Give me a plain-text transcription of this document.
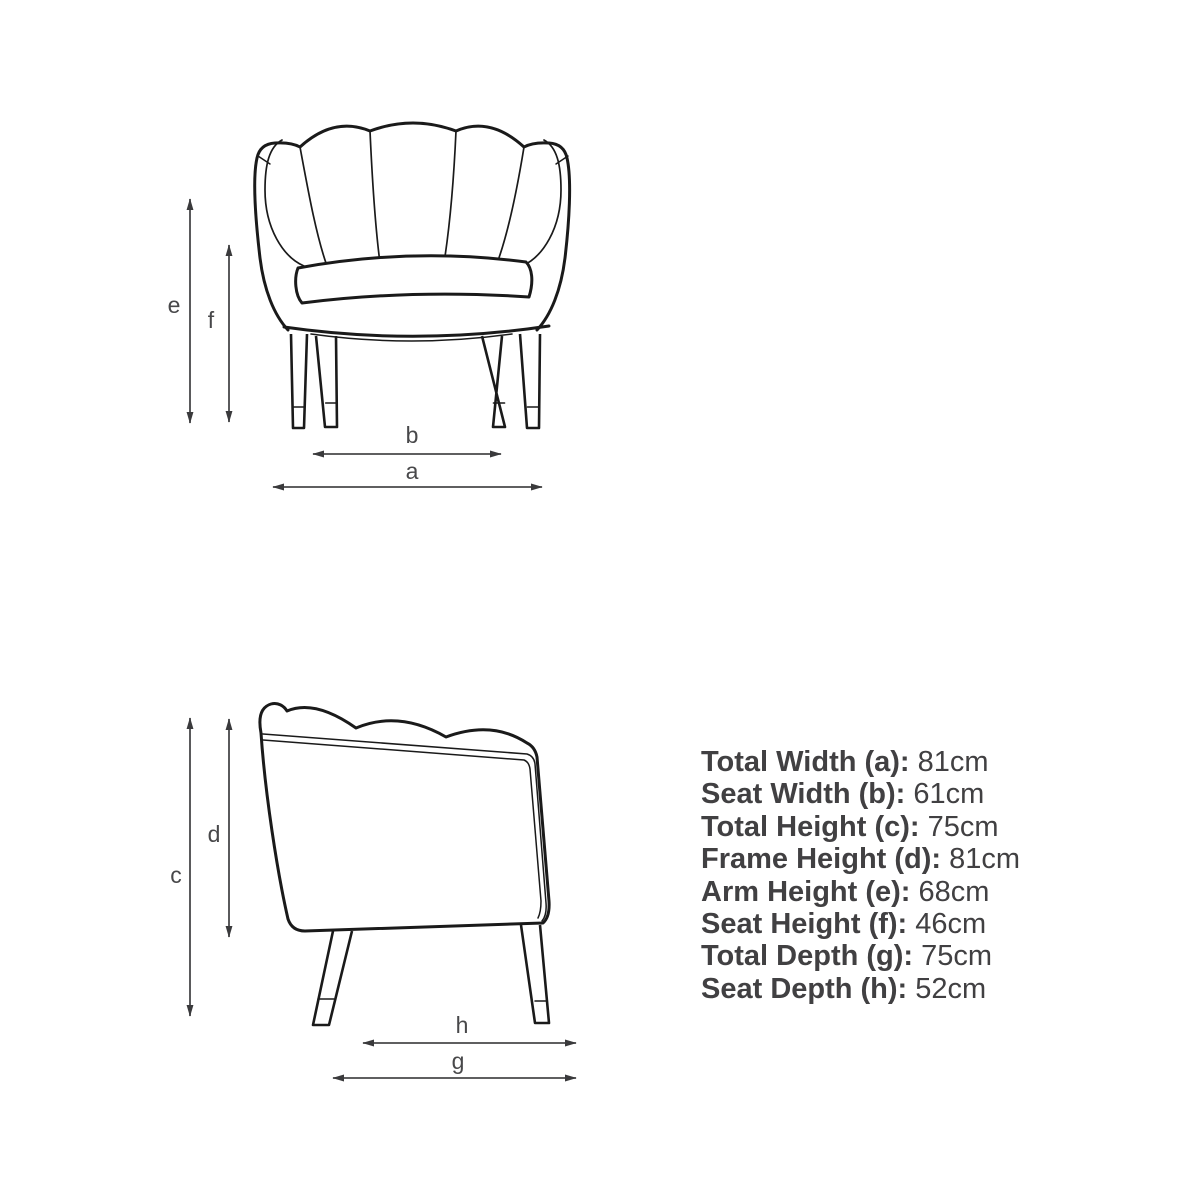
e
f
b
a
c
d
h
g
Total Width (a): 81cm
Seat Width (b): 61cm
Total Height (c): 75cm
Frame Height (d): 81cm
Arm Height (e): 68cm
Seat Height (f): 46cm
Total Depth (g): 75cm
Seat Depth (h): 52cm
